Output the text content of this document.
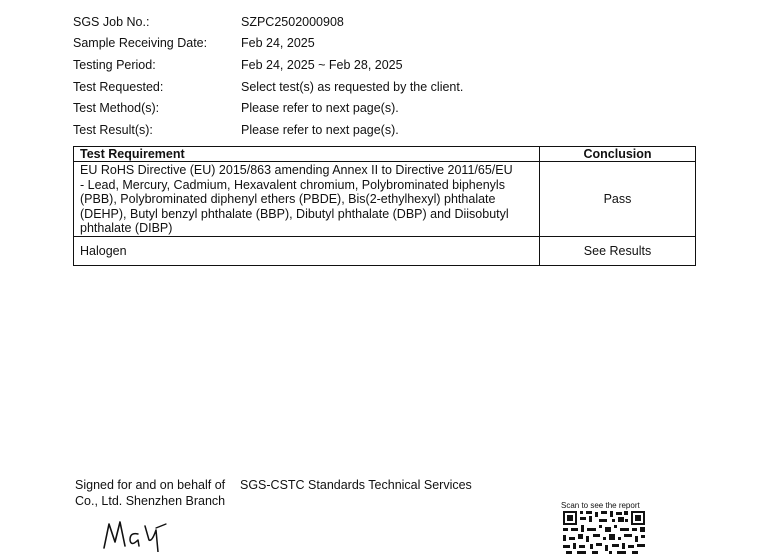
SGS Job No.:	SZPC2502000908
Sample Receiving Date:	Feb 24, 2025
Testing Period:	Feb 24, 2025 ~ Feb 28, 2025
Test Requested:	Select test(s) as requested by the client.
Test Method(s):	Please refer to next page(s).
Test Result(s):	Please refer to next page(s).
Test Requirement	Conclusion

EU RoHS Directive (EU) 2015/863 amending Annex II to Directive 2011/65/EU
- Lead, Mercury, Cadmium, Hexavalent chromium, Polybrominated biphenyls
(PBB), Polybrominated diphenyl ethers (PBDE), Bis(2-ethylhexyl) phthalate
(DEHP), Butyl benzyl phthalate (BBP), Dibutyl phthalate (DBP) and Diisobutyl
phthalate (DIBP)	Pass
Halogen	See Results
Signed for and on behalf of
Co., Ltd. Shenzhen Branch
SGS-CSTC Standards Technical Services
Scan to see the report
